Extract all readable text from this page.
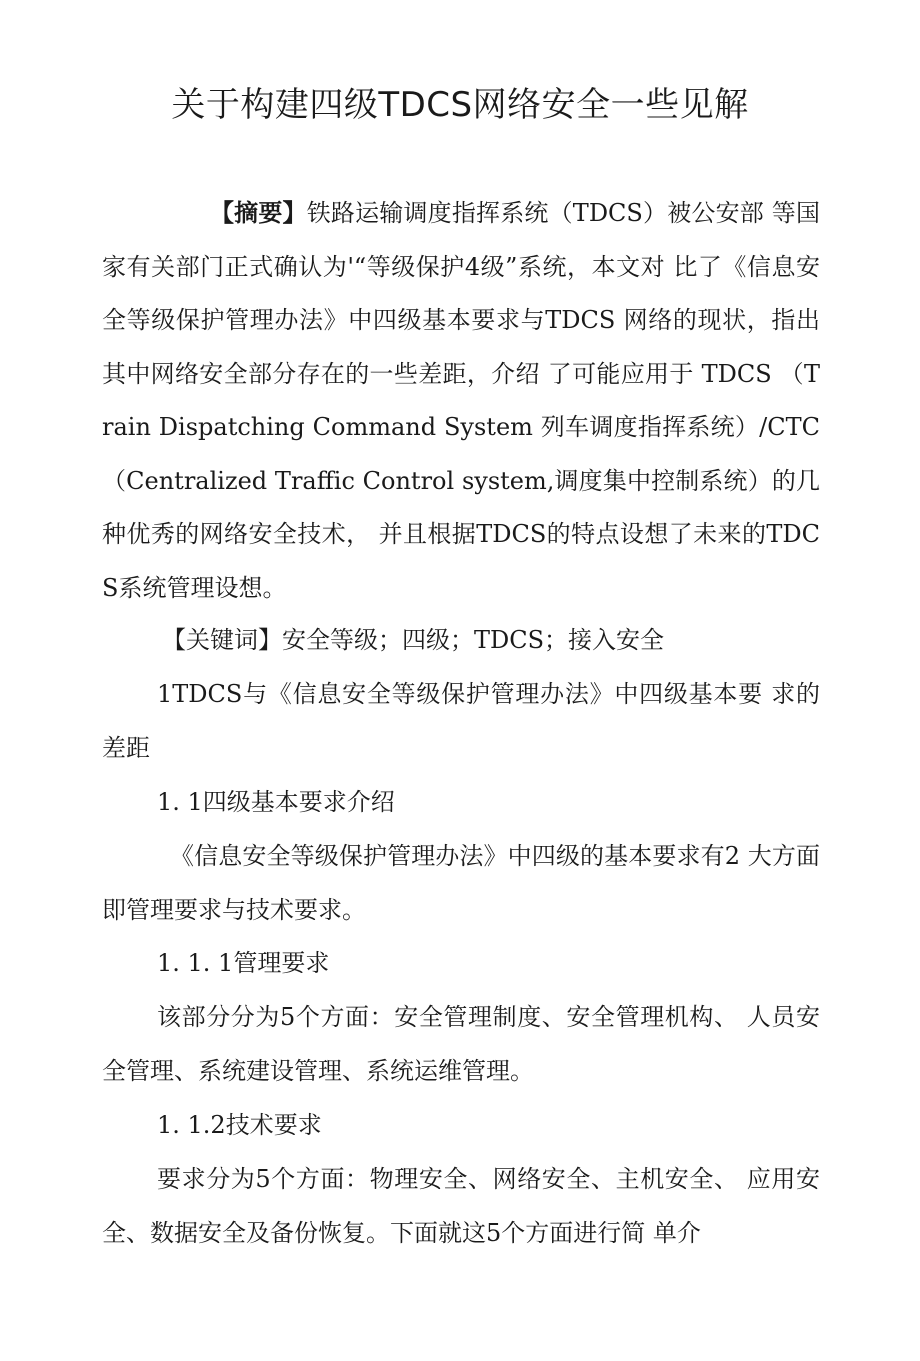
关于构建四级TDCS网络安全一些见解

【摘要】铁路运输调度指挥系统（TDCS）被公安部 等国家有关部门正式确认为'“等级保护4级”系统，本文对 比了《信息安全等级保护管理办法》中四级基本要求与TDCS 网络的现状，指出其中网络安全部分存在的一些差距，介绍 了可能应用于 TDCS （Train Dispatching Command System 列车调度指挥系统）/CTC （Centralized Traffic Control system,调度集中控制系统）的几种优秀的网络安全技术， 并且根据TDCS的特点设想了未来的TDCS系统管理设想。

【关键词】安全等级；四级；TDCS；接入安全

1TDCS与《信息安全等级保护管理办法》中四级基本要 求的差距

1. 1四级基本要求介绍

《信息安全等级保护管理办法》中四级的基本要求有2 大方面即管理要求与技术要求。

1. 1. 1管理要求

该部分分为5个方面：安全管理制度、安全管理机构、 人员安全管理、系统建设管理、系统运维管理。

1. 1.2技术要求

要求分为5个方面：物理安全、网络安全、主机安全、 应用安全、数据安全及备份恢复。下面就这5个方面进行简 单介
